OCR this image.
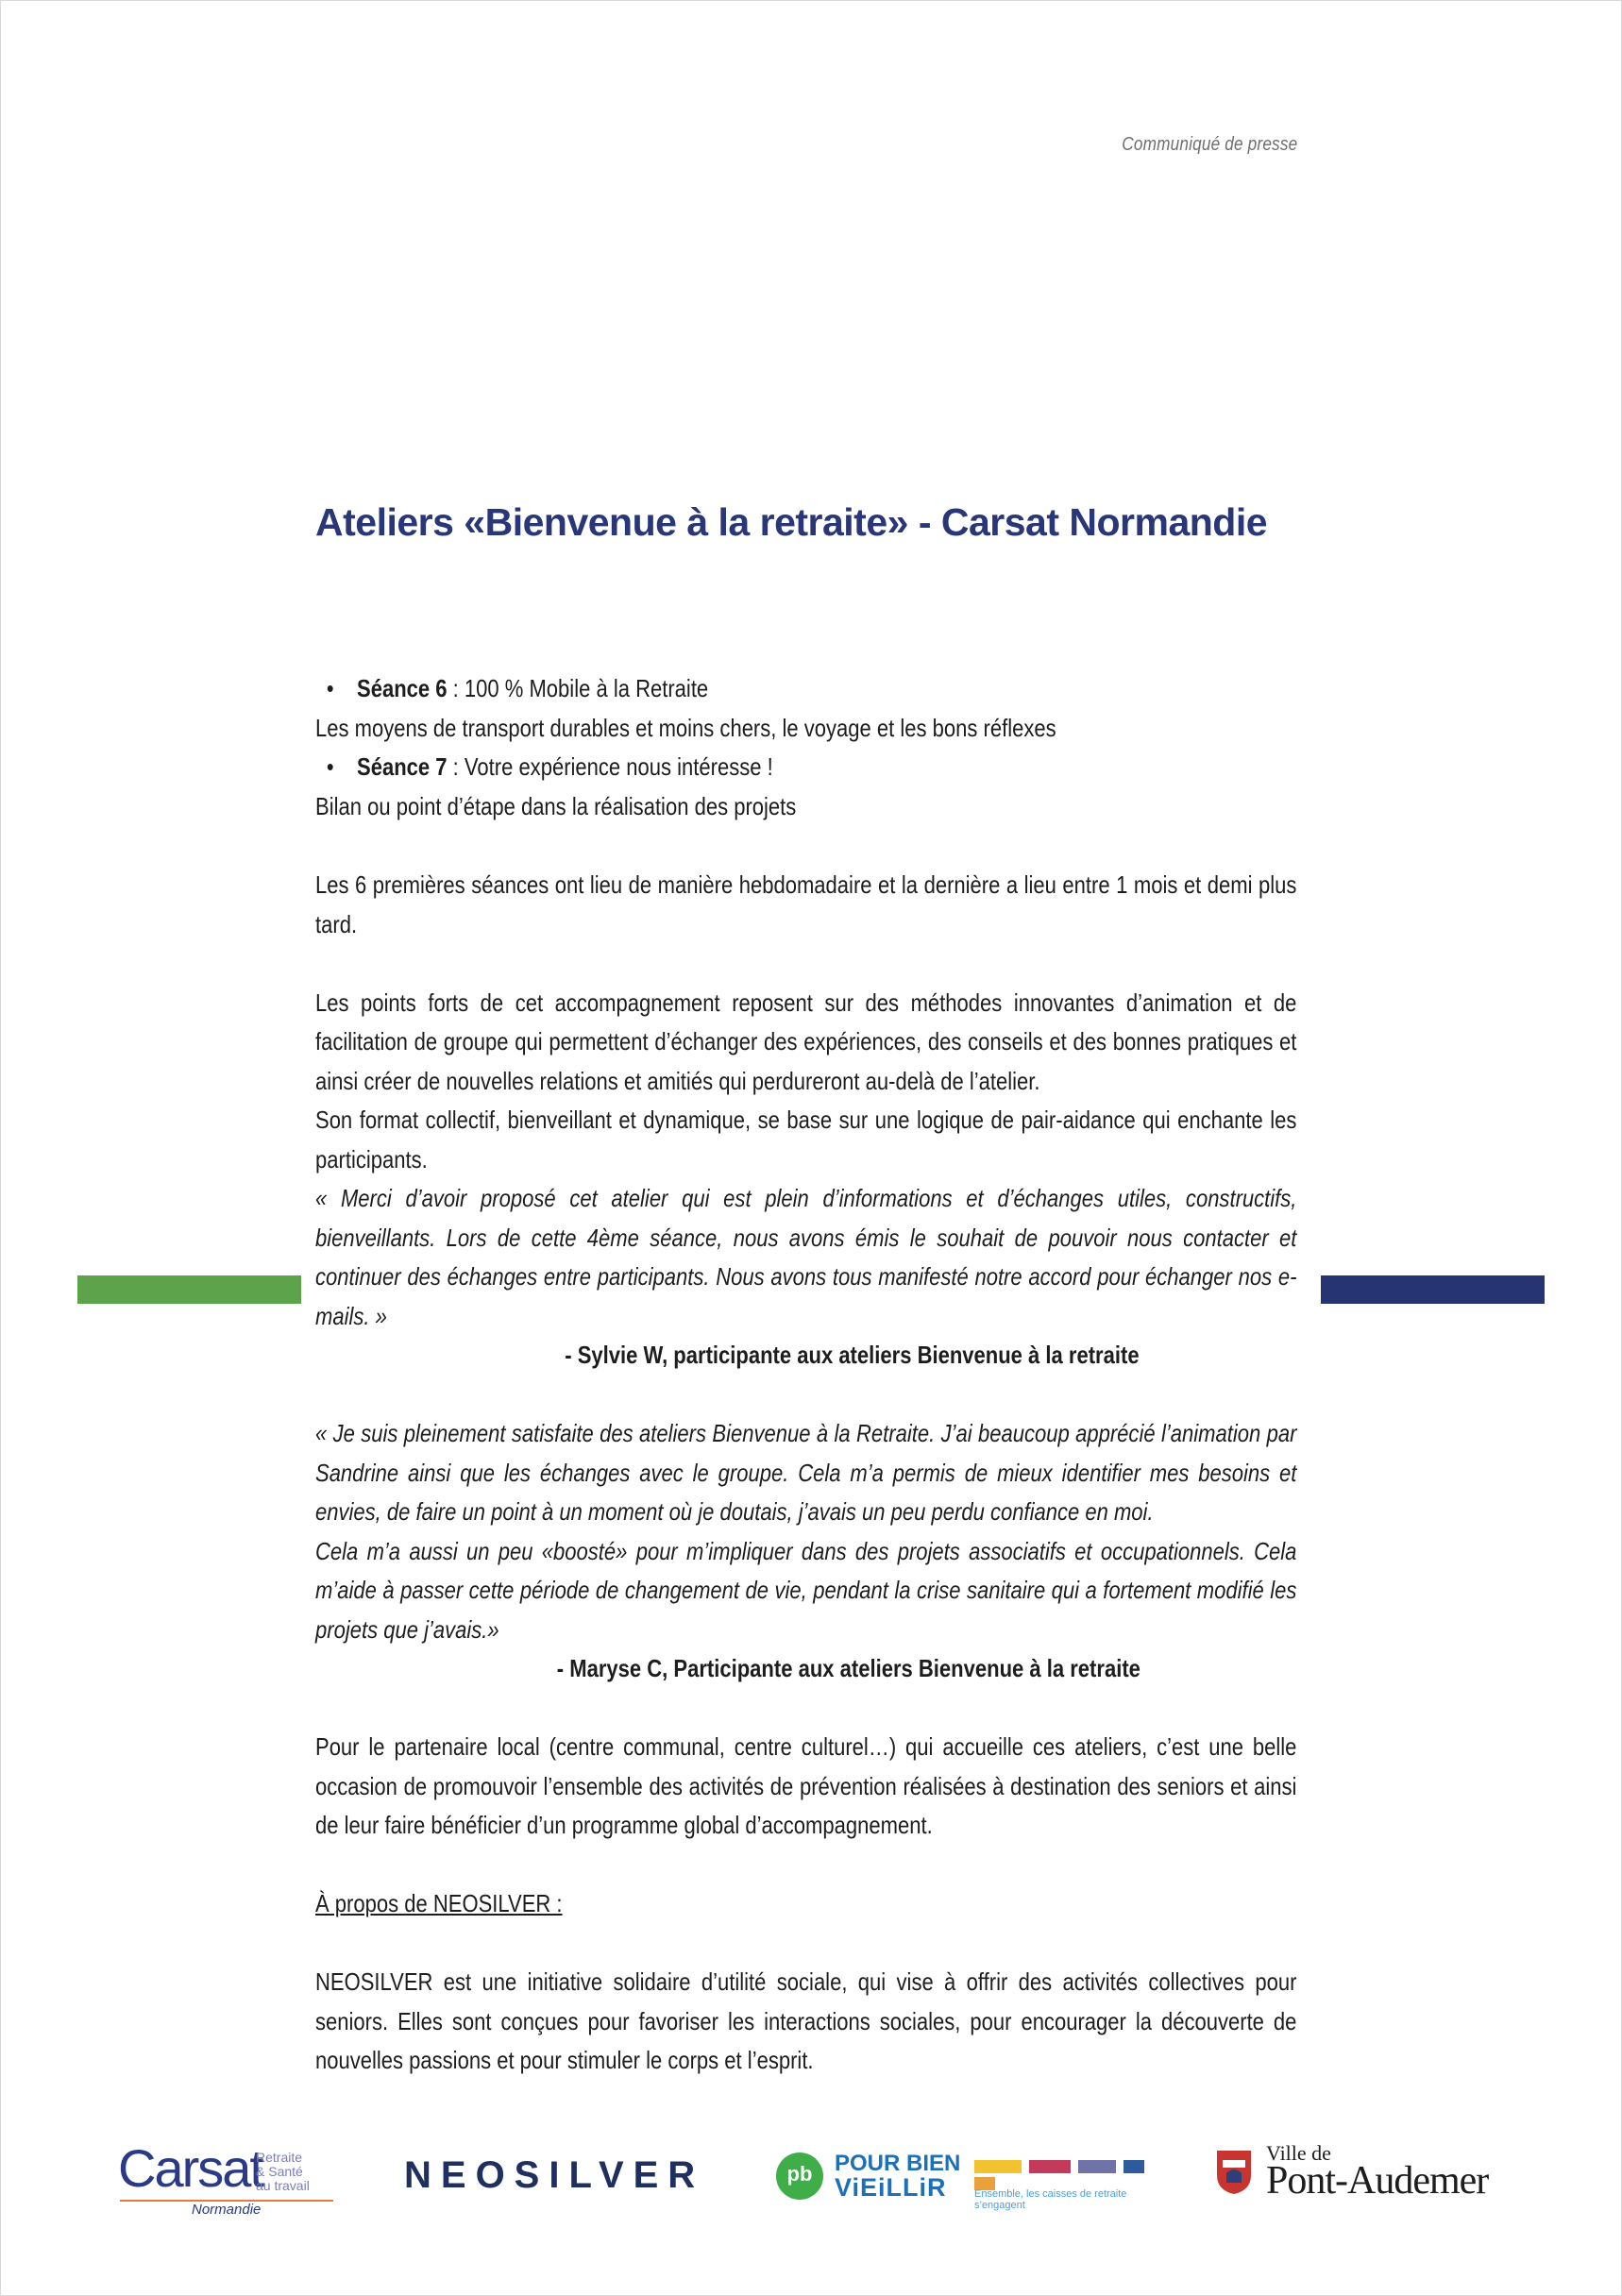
Communiqué de presse
Ateliers «Bienvenue à la retraite» - Carsat Normandie
• Séance 6 : 100 % Mobile à la Retraite
Les moyens de transport durables et moins chers, le voyage et les bons réflexes
• Séance 7 : Votre expérience nous intéresse !
Bilan ou point d’étape dans la réalisation des projets

Les 6 premières séances ont lieu de manière hebdomadaire et la dernière a lieu entre 1 mois et demi plus tard.

Les points forts de cet accompagnement reposent sur des méthodes innovantes d’animation et de facilitation de groupe qui permettent d’échanger des expériences, des conseils et des bonnes pratiques et ainsi créer de nouvelles relations et amitiés qui perdureront au-delà de l’atelier.

Son format collectif, bienveillant et dynamique, se base sur une logique de pair-aidance qui enchante les participants.

« Merci d’avoir proposé cet atelier qui est plein d’informations et d’échanges utiles, constructifs, bienveillants. Lors de cette 4ème séance, nous avons émis le souhait de pouvoir nous contacter et continuer des échanges entre participants. Nous avons tous manifesté notre accord pour échanger nos e-mails. »

- Sylvie W, participante aux ateliers Bienvenue à la retraite

« Je suis pleinement satisfaite des ateliers Bienvenue à la Retraite. J’ai beaucoup apprécié l’animation par Sandrine ainsi que les échanges avec le groupe. Cela m’a permis de mieux identifier mes besoins et envies, de faire un point à un moment où je doutais, j’avais un peu perdu confiance en moi.

Cela m’a aussi un peu «boosté» pour m’impliquer dans des projets associatifs et occupationnels. Cela m’aide à passer cette période de changement de vie, pendant la crise sanitaire qui a fortement modifié les projets que j’avais.»

- Maryse C, Participante aux ateliers Bienvenue à la retraite

Pour le partenaire local (centre communal, centre culturel…) qui accueille ces ateliers, c’est une belle occasion de promouvoir l’ensemble des activités de prévention réalisées à destination des seniors et ainsi de leur faire bénéficier d’un programme global d’accompagnement.

À propos de NEOSILVER :

NEOSILVER est une initiative solidaire d’utilité sociale, qui vise à offrir des activités collectives pour seniors. Elles sont conçues pour favoriser les interactions sociales, pour encourager la découverte de nouvelles passions et pour stimuler le corps et l’esprit.

Carsat
Retraite
& Santé
au travail
Normandie
NEOSILVER	pb POUR BIEN
ViEiLLiR	Ensemble, les caisses de retraite s’engagent
Ville de
Pont-Audemer
